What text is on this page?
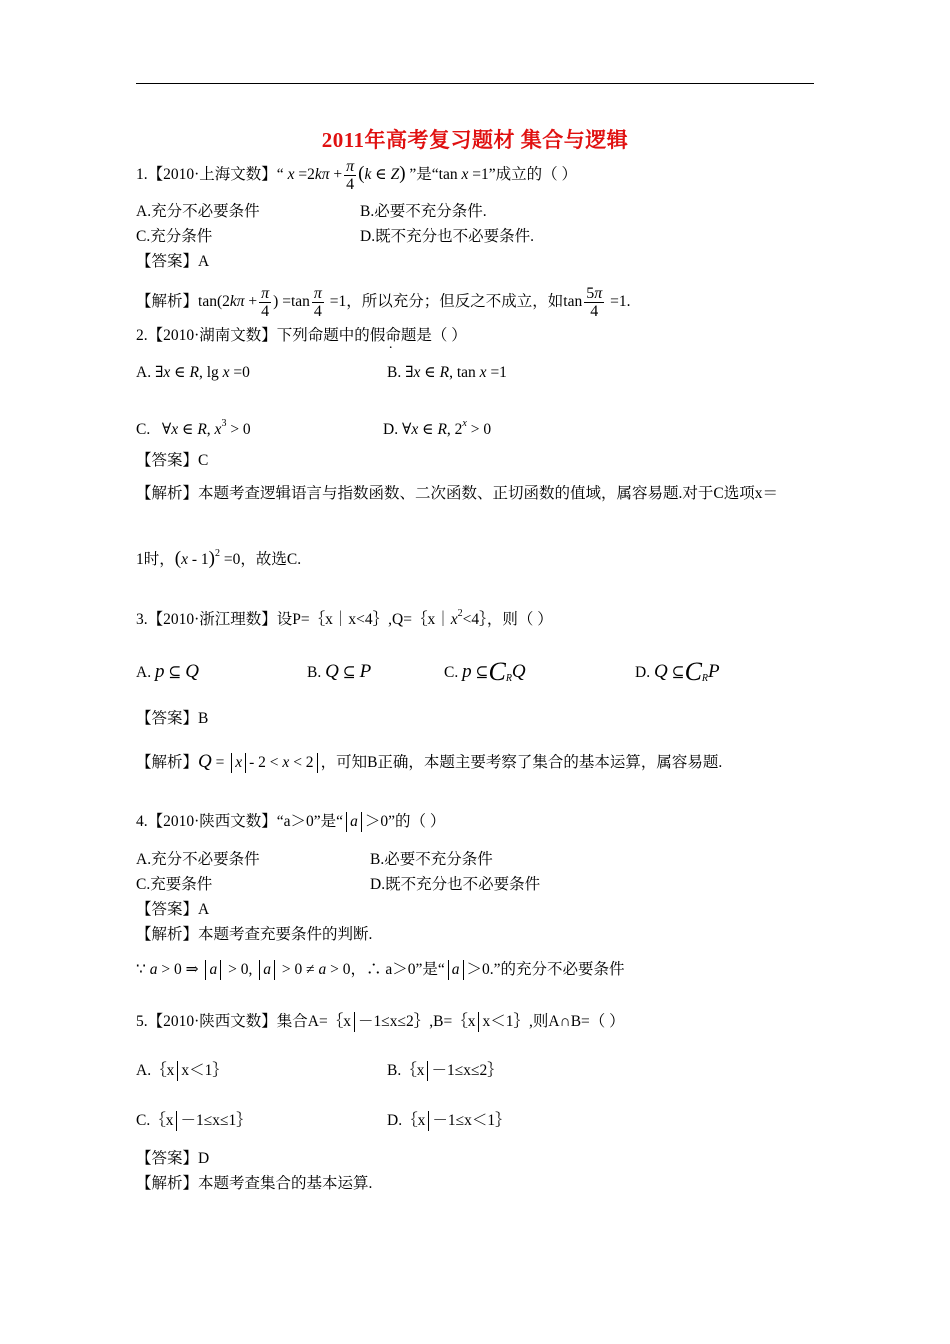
2011年高考复习题材 集合与逻辑
1.【2010·上海文数】“ $x =2k\pi + \frac{\pi}{4} (k$ ∈ Z) ”是“tan x =1”成立的（ ）
A.充分不必要条件	B.必要不充分条件.
C.充分条件	D.既不充分也不必要条件.
【答案】A
【解析】$\tan(2k\pi + \frac{\pi}{4}$ ) $=\tan \frac{\pi}{4} =1$，所以充分；但反之不成立，如$\tan \frac{5\pi}{4} =1$.
2.【2010·湖南文数】下列命题中的假命题是（ ）
A. ∃x ∈ R, lg x =0	B. ∃x ∈ R, tan x =1
C.   ∀x ∈ R, $x^3 > 0$	D. ∀x ∈ R, $2^x > 0$
【答案】C
【解析】本题考查逻辑语言与指数函数、二次函数、正切函数的值域，属容易题.对于C选项x＝
1时，(x - 1)$^2$ =0，故选C.
3.【2010·浙江理数】设$P=\{x|x<4\},Q=\{x|x^2<4\}$，则（ ）
A. p ⊆ Q	B. Q ⊆ P	C. p $⊆C_RQ$	D. Q $⊆C_RP$
【答案】B
【解析】Q = x - 2 < x < 2 ，可知B正确，本题主要考察了集合的基本运算，属容易题.
4.【2010·陕西文数】“a＞0”是“ a ＞0”的（ ）
A.充分不必要条件	B.必要不充分条件
C.充要条件	D.既不充分也不必要条件
【答案】A
【解析】本题考查充要条件的判断.
∵ a > 0 ⇒ a > 0, a > 0 ≠ a > 0，∴ a＞0”是“ a ＞0.”的充分不必要条件
5.【2010·陕西文数】集合A=｛x －1≤x≤2｝,B=｛x x＜1｝,则A∩B=（ ）
A.｛x x＜1｝	B.｛x －1≤x≤2｝
C.｛x －1≤x≤1｝	D.｛x －1≤x＜1｝
【答案】D
【解析】本题考查集合的基本运算.
